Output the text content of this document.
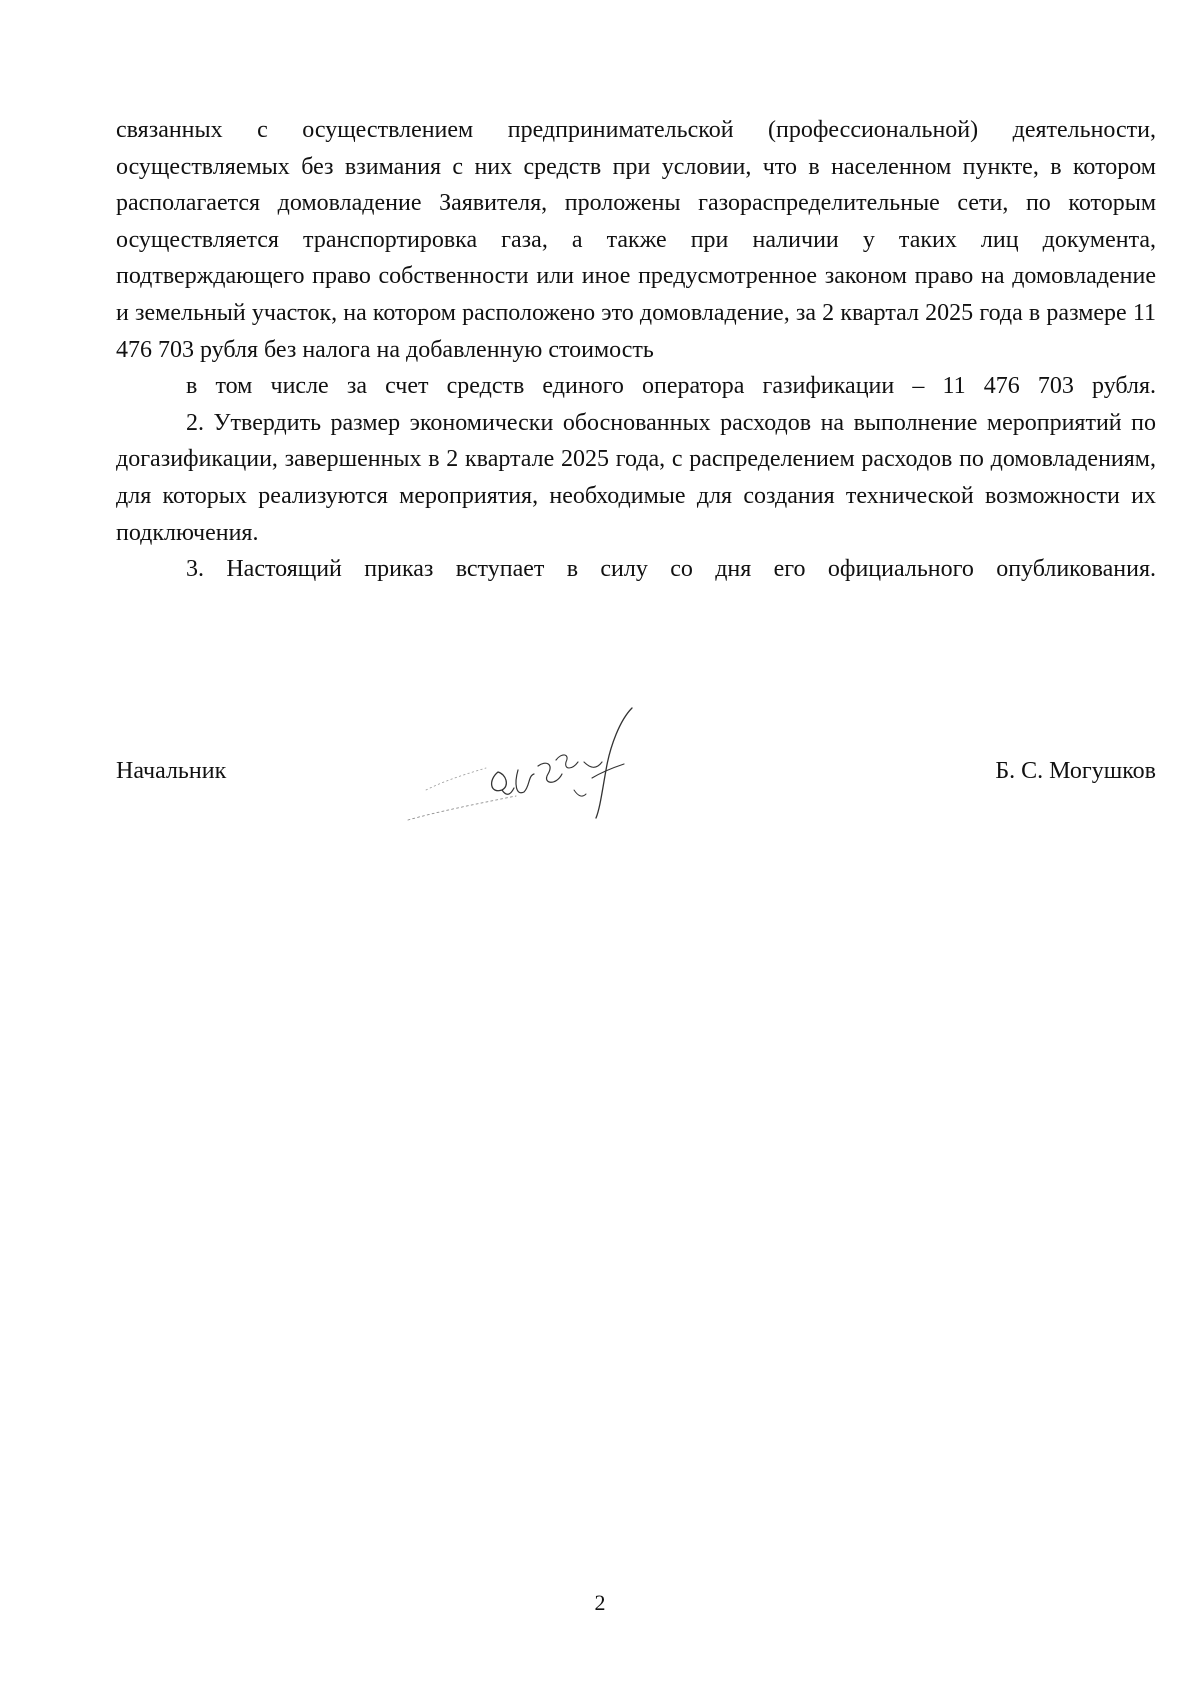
связанных с осуществлением предпринимательской (профессиональной) деятельности, осуществляемых без взимания с них средств при условии, что в населенном пункте, в котором располагается домовладение Заявителя, проложены газораспределительные сети, по которым осуществляется транспортировка газа, а также при наличии у таких лиц документа, подтверждающего право собственности или иное предусмотренное законом право на домовладение и земельный участок, на котором расположено это домовладение, за 2 квартал 2025 года в размере 11 476 703 рубля без налога на добавленную стоимость

в том числе за счет средств единого оператора газификации – 11 476 703 рубля.

2. Утвердить размер экономически обоснованных расходов на выполнение мероприятий по догазификации, завершенных в 2 квартале 2025 года, с распределением расходов по домовладениям, для которых реализуются мероприятия, необходимые для создания технической возможности их подключения.

3. Настоящий приказ вступает в силу со дня его официального опубликования.

Начальник	Б. С. Могушков
2
